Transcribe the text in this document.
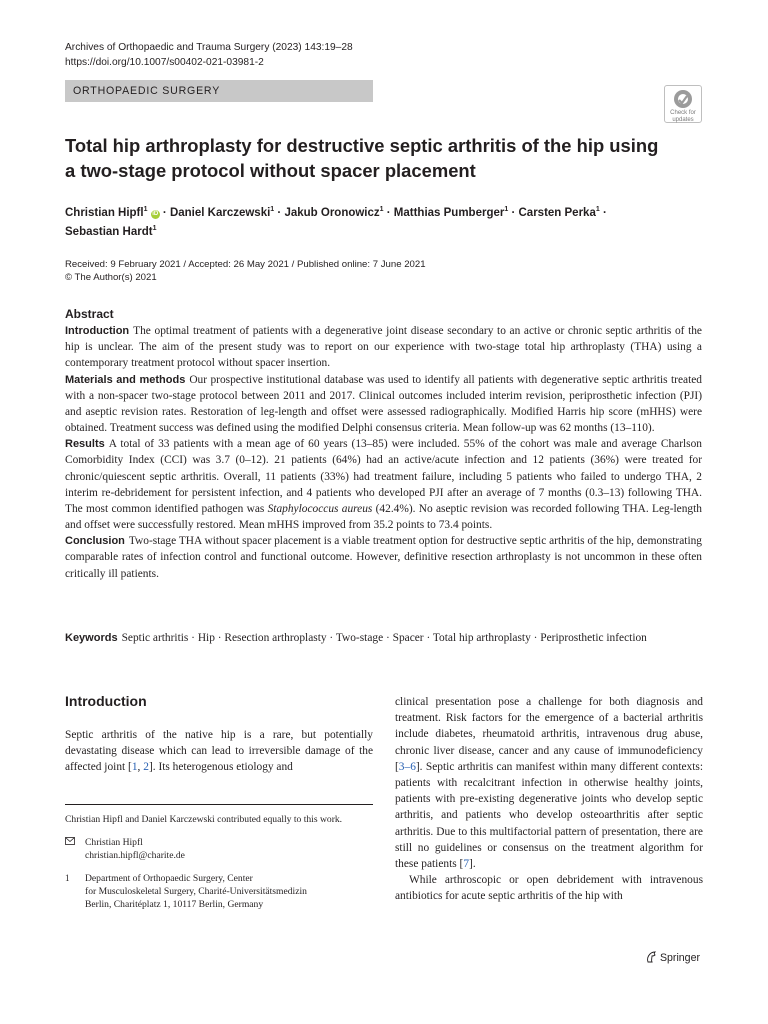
Archives of Orthopaedic and Trauma Surgery (2023) 143:19–28
https://doi.org/10.1007/s00402-021-03981-2
ORTHOPAEDIC SURGERY
Check for
updates
Total hip arthroplasty for destructive septic arthritis of the hip using
a two-stage protocol without spacer placement
Christian Hipfl$^1$ iD · Daniel Karczewski$^1$ · Jakub Oronowicz$^1$ · Matthias Pumberger$^1$ · Carsten Perka$^1$ ·
Sebastian Hardt$^1$
Received: 9 February 2021 / Accepted: 26 May 2021 / Published online: 7 June 2021
© The Author(s) 2021
Abstract

Introduction The optimal treatment of patients with a degenerative joint disease secondary to an active or chronic septic arthritis of the hip is unclear. The aim of the present study was to report on our experience with two-stage total hip arthroplasty (THA) using a contemporary treatment protocol without spacer insertion.

Materials and methods Our prospective institutional database was used to identify all patients with degenerative septic arthritis treated with a non-spacer two-stage protocol between 2011 and 2017. Clinical outcomes included interim revision, periprosthetic infection (PJI) and aseptic revision rates. Restoration of leg-length and offset were assessed radiographically. Modified Harris hip score (mHHS) were obtained. Treatment success was defined using the modified Delphi consensus criteria. Mean follow-up was 62 months (13–110).

Results A total of 33 patients with a mean age of 60 years (13–85) were included. 55% of the cohort was male and average Charlson Comorbidity Index (CCI) was 3.7 (0–12). 21 patients (64%) had an active/acute infection and 12 patients (36%) were treated for chronic/quiescent septic arthritis. Overall, 11 patients (33%) had treatment failure, including 5 patients who failed to undergo THA, 2 interim re-debridement for persistent infection, and 4 patients who developed PJI after an average of 7 months (0.3–13) following THA. The most common identified pathogen was Staphylococcus aureus (42.4%). No aseptic revision was recorded following THA. Leg-length and offset were successfully restored. Mean mHHS improved from 35.2 points to 73.4 points.

Conclusion Two-stage THA without spacer placement is a viable treatment option for destructive septic arthritis of the hip, demonstrating comparable rates of infection control and functional outcome. However, definitive resection arthroplasty is not uncommon in these often critically ill patients.

Keywords Septic arthritis · Hip · Resection arthroplasty · Two-stage · Spacer · Total hip arthroplasty · Periprosthetic infection
Introduction

Septic arthritis of the native hip is a rare, but potentially devastating disease which can lead to irreversible damage of the affected joint [1, 2]. Its heterogenous etiology and

Christian Hipfl and Daniel Karczewski contributed equally to this work.

Christian Hipfl
christian.hipfl@charite.de
1	Department of Orthopaedic Surgery, Center
for Musculoskeletal Surgery, Charité-Universitätsmedizin
Berlin, Charitéplatz 1, 10117 Berlin, Germany

clinical presentation pose a challenge for both diagnosis and treatment. Risk factors for the emergence of a bacterial arthritis include diabetes, rheumatoid arthritis, intravenous drug abuse, chronic liver disease, cancer and any cause of immunodeficiency [3–6]. Septic arthritis can manifest within many different contexts: patients with recalcitrant infection in otherwise healthy joints, patients with pre-existing degenerative joints who develop septic arthritis, and patients who develop osteoarthritis after septic arthritis. Due to this multifactorial pattern of presentation, there are still no guidelines or consensus on the treatment algorithm for these patients [7].

While arthroscopic or open debridement with intravenous antibiotics for acute septic arthritis of the hip with

Springer
